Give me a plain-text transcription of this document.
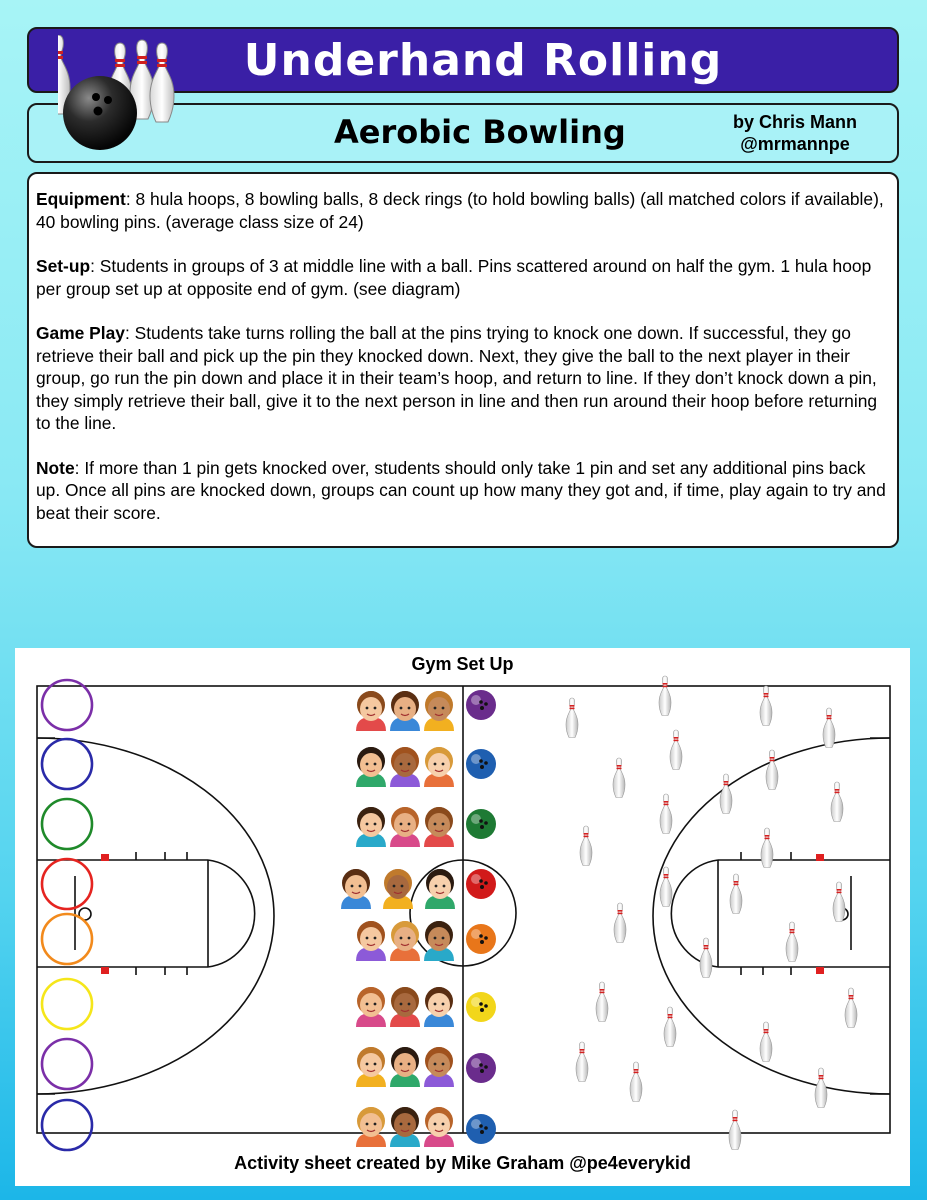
Underhand Rolling
Aerobic Bowling	by Chris Mann
@mrmannpe

Equipment: 8 hula hoops, 8 bowling balls, 8 deck rings (to hold bowling balls) (all matched colors if available), 40 bowling pins. (average class size of 24)

Set-up: Students in groups of 3 at middle line with a ball. Pins scattered around on half the gym. 1 hula hoop per group set up at opposite end of gym. (see diagram)

Game Play: Students take turns rolling the ball at the pins trying to knock one down. If successful, they go retrieve their ball and pick up the pin they knocked down. Next, they give the ball to the next player in their group, go run the pin down and place it in their team’s hoop, and return to line. If they don’t knock down a pin, they simply retrieve their ball, give it to the next person in line and then run around their hoop before returning to the line.

Note: If more than 1 pin gets knocked over, students should only take 1 pin and set any additional pins back up. Once all pins are knocked down, groups can count up how many they got and, if time, play again to try and beat their score.

Gym Set Up
Activity sheet created by Mike Graham @pe4everykid
